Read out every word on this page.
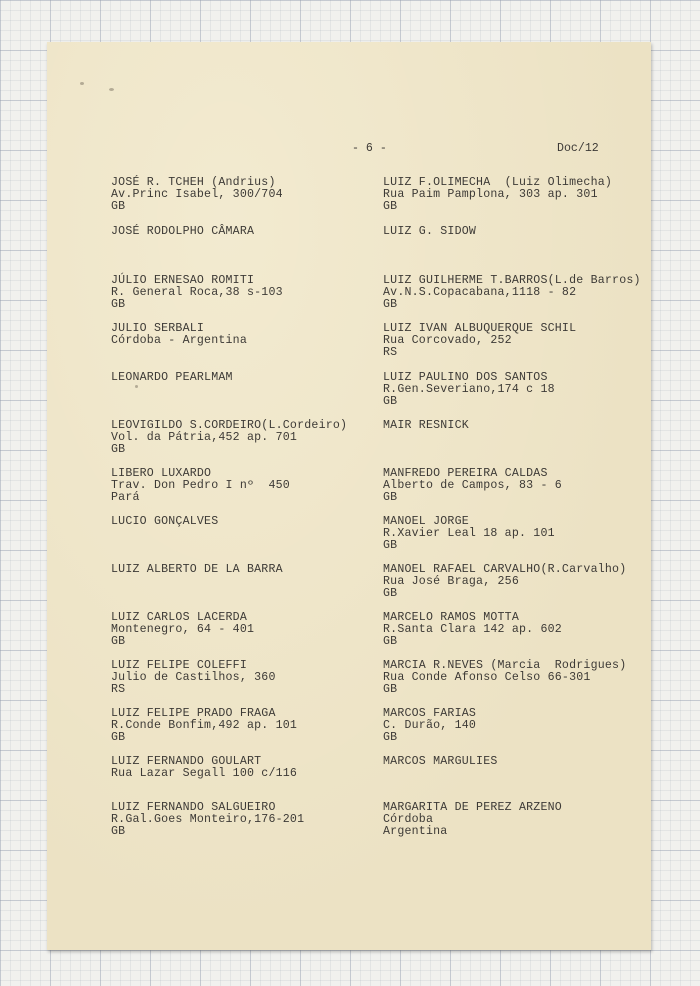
- 6 -	Doc/12
JOSÉ R. TCHEH (Andrius)
Av.Princ Isabel, 300/704
GB
JOSÉ RODOLPHO CÂMARA
JÚLIO ERNESAO ROMITI
R. General Roca,38 s-103
GB
JULIO SERBALI
Córdoba - Argentina
LEONARDO PEARLMAM
LEOVIGILDO S.CORDEIRO(L.Cordeiro)
Vol. da Pátria,452 ap. 701
GB
LIBERO LUXARDO
Trav. Don Pedro I nº  450
Pará
LUCIO GONÇALVES
LUIZ ALBERTO DE LA BARRA
LUIZ CARLOS LACERDA
Montenegro, 64 - 401
GB
LUIZ FELIPE COLEFFI
Julio de Castilhos, 360
RS
LUIZ FELIPE PRADO FRAGA
R.Conde Bonfim,492 ap. 101
GB
LUIZ FERNANDO GOULART
Rua Lazar Segall 100 c/116
LUIZ FERNANDO SALGUEIRO
R.Gal.Goes Monteiro,176-201
GB
LUIZ F.OLIMECHA  (Luiz Olimecha)
Rua Paim Pamplona, 303 ap. 301
GB
LUIZ G. SIDOW
LUIZ GUILHERME T.BARROS(L.de Barros)
Av.N.S.Copacabana,1118 - 82
GB
LUIZ IVAN ALBUQUERQUE SCHIL
Rua Corcovado, 252
RS
LUIZ PAULINO DOS SANTOS
R.Gen.Severiano,174 c 18
GB
MAIR RESNICK
MANFREDO PEREIRA CALDAS
Alberto de Campos, 83 - 6
GB
MANOEL JORGE
R.Xavier Leal 18 ap. 101
GB
MANOEL RAFAEL CARVALHO(R.Carvalho)
Rua José Braga, 256
GB
MARCELO RAMOS MOTTA
R.Santa Clara 142 ap. 602
GB
MARCIA R.NEVES (Marcia  Rodrigues)
Rua Conde Afonso Celso 66-301
GB
MARCOS FARIAS
C. Durão, 140
GB
MARCOS MARGULIES
MARGARITA DE PEREZ ARZENO
Córdoba
Argentina
